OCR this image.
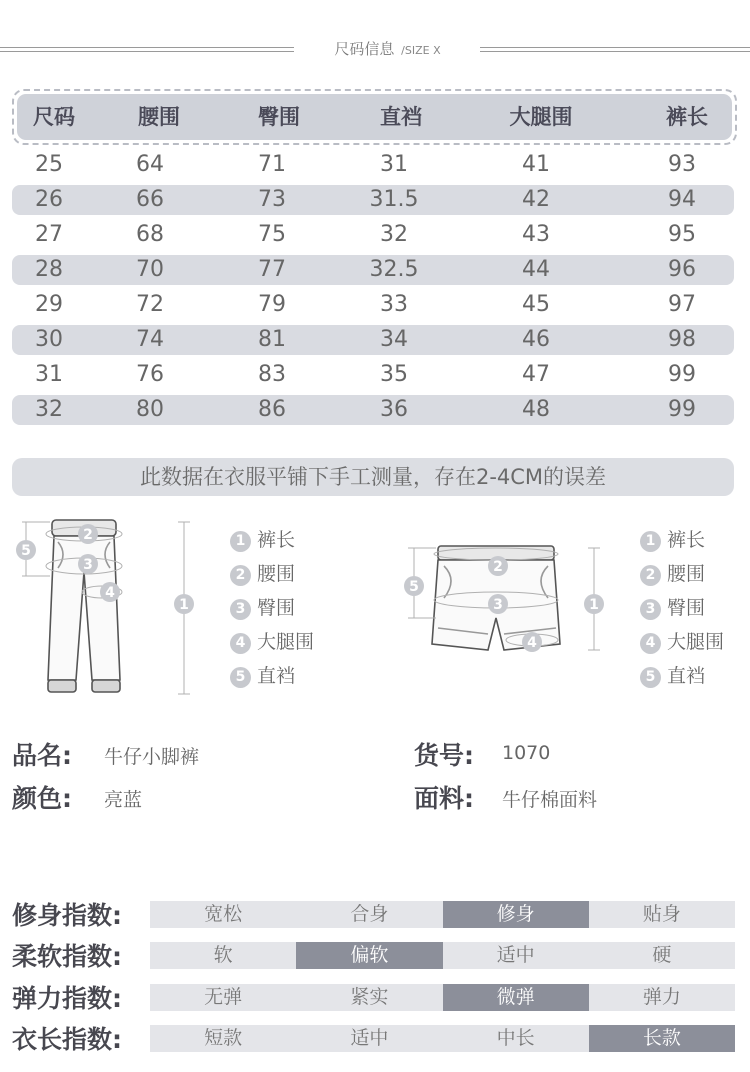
尺码信息 /SIZE X
尺码	腰围	臀围	直裆	大腿围	裤长
25	64	71	31	41	93
26	66	73	31.5	42	94
27	68	75	32	43	95
28	70	77	32.5	44	96
29	72	79	33	45	97
30	74	81	34	46	98
31	76	83	35	47	99
32	80	86	36	48	99
此数据在衣服平铺下手工测量，存在2-4CM的误差
2
3
4
5
1
1 裤长
2 腰围
3 臀围
4 大腿围
5 直裆
2
3
4
5
1
1 裤长
2 腰围
3 臀围
4 大腿围
5 直裆
品名: 牛仔小脚裤	货号: 1070
颜色: 亮蓝	面料: 牛仔棉面料
修身指数:	宽松	合身	修身	贴身
柔软指数:	软	偏软	适中	硬
弹力指数:	无弹	紧实	微弹	弹力
衣长指数:	短款	适中	中长	长款
